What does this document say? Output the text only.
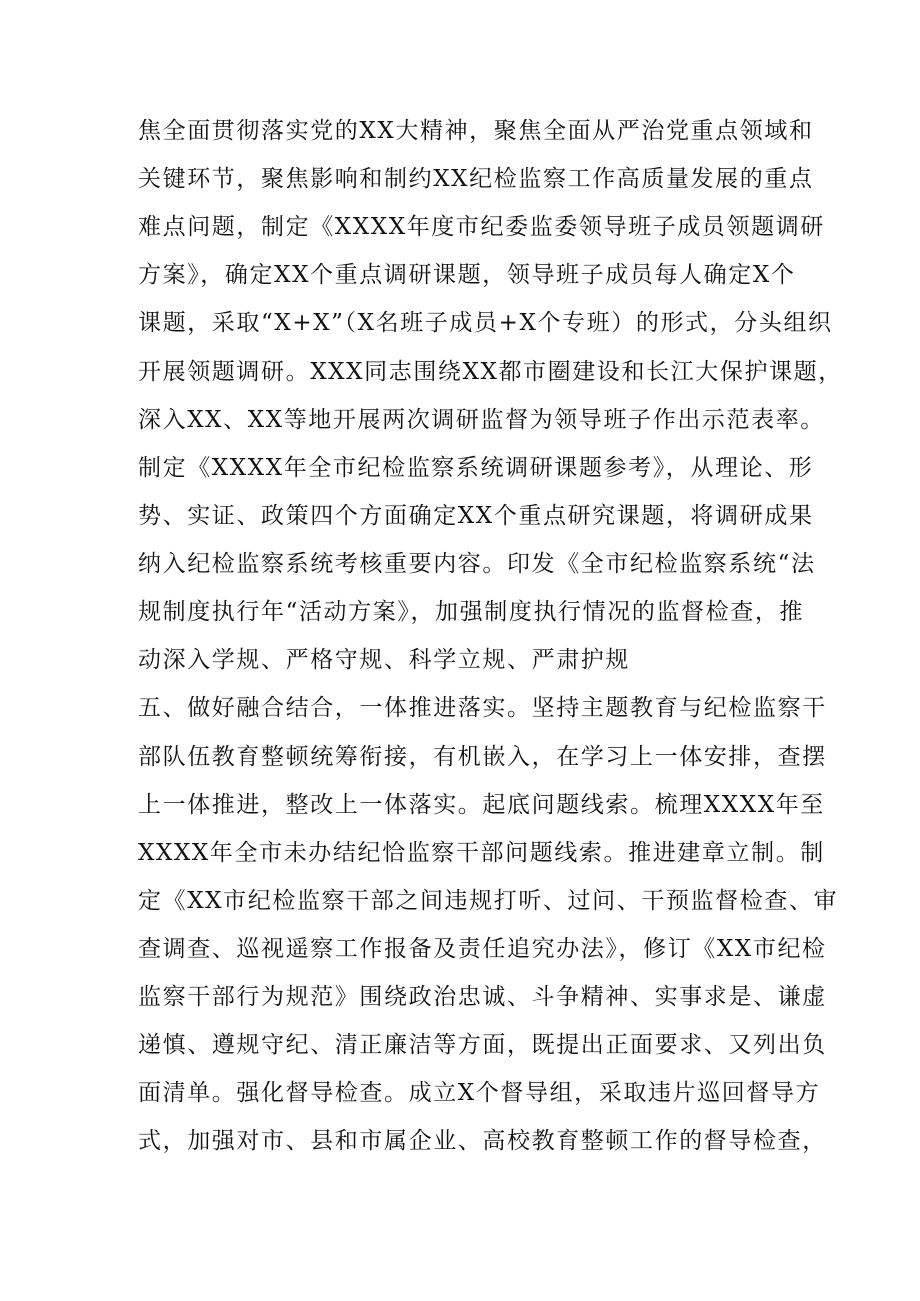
焦全面贯彻落实党的XX大精神，聚焦全面从严治党重点领域和
关键环节，聚焦影响和制约XX纪检监察工作高质量发展的重点
难点问题，制定《XXXX年度市纪委监委领导班子成员领题调研
方案》，确定XX个重点调研课题，领导班子成员每人确定X个
课题，采取“X+X”（X名班子成员+X个专班）的形式，分头组织
开展领题调研。XXX同志围绕XX都市圈建设和长江大保护课题，
深入XX、XX等地开展两次调研监督为领导班子作出示范表率。
制定《XXXX年全市纪检监察系统调研课题参考》，从理论、形
势、实证、政策四个方面确定XX个重点研究课题，将调研成果
纳入纪检监察系统考核重要内容。印发《全市纪检监察系统“法
规制度执行年“活动方案》，加强制度执行情况的监督检查，推
动深入学规、严格守规、科学立规、严肃护规
五、做好融合结合，一体推进落实。坚持主题教育与纪检监察干
部队伍教育整顿统筹衔接，有机嵌入，在学习上一体安排，查摆
上一体推进，整改上一体落实。起底问题线索。梳理XXXX年至
XXXX年全市未办结纪恰监察干部问题线索。推进建章立制。制
定《XX市纪检监察干部之间违规打听、过问、干预监督检查、审
查调查、巡视遥察工作报备及责任追究办法》，修订《XX市纪检
监察干部行为规范》围绕政治忠诚、斗争精神、实事求是、谦虚
递慎、遵规守纪、清正廉洁等方面，既提出正面要求、又列出负
面清单。强化督导检查。成立X个督导组，采取违片巡回督导方
式，加强对市、县和市属企业、高校教育整顿工作的督导检查，
